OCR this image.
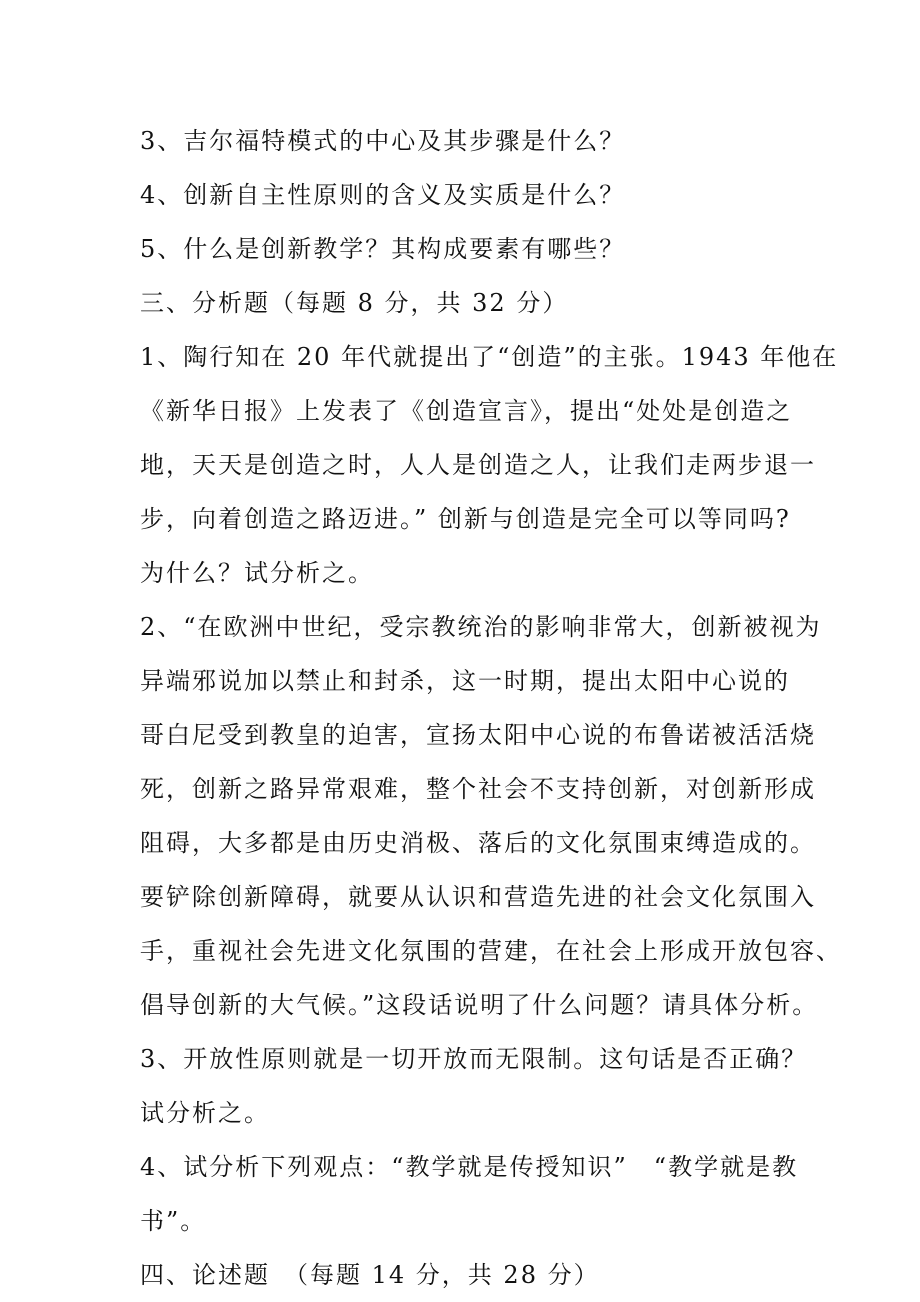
3、吉尔福特模式的中心及其步骤是什么？
4、创新自主性原则的含义及实质是什么？
5、什么是创新教学？其构成要素有哪些？
三、分析题（每题 8 分，共 32 分）
1、陶行知在 20 年代就提出了“创造”的主张。1943 年他在
《新华日报》上发表了《创造宣言》，提出“处处是创造之
地，天天是创造之时，人人是创造之人，让我们走两步退一
步，向着创造之路迈进。” 创新与创造是完全可以等同吗?
为什么？试分析之。
2、“在欧洲中世纪，受宗教统治的影响非常大，创新被视为
异端邪说加以禁止和封杀，这一时期，提出太阳中心说的
哥白尼受到教皇的迫害，宣扬太阳中心说的布鲁诺被活活烧
死，创新之路异常艰难，整个社会不支持创新，对创新形成
阻碍，大多都是由历史消极、落后的文化氛围束缚造成的。
要铲除创新障碍，就要从认识和营造先进的社会文化氛围入
手，重视社会先进文化氛围的营建，在社会上形成开放包容、
倡导创新的大气候。”这段话说明了什么问题？请具体分析。
3、开放性原则就是一切开放而无限制。这句话是否正确？
试分析之。
4、试分析下列观点：“教学就是传授知识”　“教学就是教
书”。
四、论述题　（每题 14 分，共 28 分）
